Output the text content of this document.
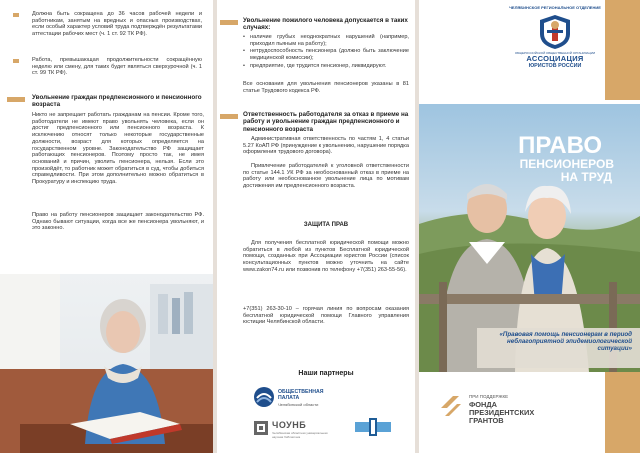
Должна быть сокращена до 36 часов рабочей недели и работникам, занятым на вредных и опасных производствах, если особый характер условий труда подтверждён результатами аттестации рабочих мест (ч. 1 ст. 92 ТК РФ).
Работа, превышающая продолжительности сокращённую неделю или смену, для таких будет являться сверхурочной (ч. 1 ст. 99 ТК РФ).
Увольнение граждан предпенсионного и пенсионного возраста
Никто не запрещает работать гражданам на пенсии. Кроме того, работодатели не имеют право увольнять человека, если он достиг предпенсионного или пенсионного возраста. К исключению относят только некоторые государственные должности, возраст для которых определяется на государственном уровне. Законодательство РФ защищает работающих пенсионеров. Поэтому просто так, не имея оснований и причин, уволить пенсионера, нельзя. Если это произойдёт, то работник может обратиться в суд, чтобы добиться справедливости. При этом дополнительно можно обратиться в Прокуратуру и инспекцию труда.
Право на работу пенсионеров защищает законодательство РФ. Однако бывают ситуации, когда все же пенсионера увольняют, и это законно.
Увольнение пожилого человека допускается в таких случаях:
• наличие грубых неоднократных нарушений (например, приходил пьяным на работу);
• нетрудоспособность пенсионера (должно быть заключение медицинской комиссии);
• предприятие, где трудится пенсионер, ликвидируют.
Все основания для увольнения пенсионеров указаны в 81 статье Трудового кодекса РФ.
Ответственность работодателя за отказ в приеме на работу и увольнение граждан предпенсионного и пенсионного возраста
Административная ответственность по частям 1, 4 статьи 5.27 КоАП РФ (принуждение к увольнению, нарушение порядка оформления трудового договора).
Привлечение работодателей к уголовной ответственности по статье 144.1 УК РФ за необоснованный отказ в приеме на работу или необоснованное увольнение лица по мотивам достижения им предпенсионного возраста.
ЗАЩИТА ПРАВ
Для получения бесплатной юридической помощи можно обратиться в любой из пунктов Бесплатной юридической помощи, созданных при Ассоциации юристов России (список консультационных пунктов можно уточнить на сайте www.zakon74.ru или позвонив по телефону +7(351) 263-55-56).
+7(351) 263-30-10 – горячая линия по вопросам оказания бесплатной юридической помощи Главного управления юстиции Челябинской области.
Наши партнеры
ОБЩЕСТВЕННАЯ ПАЛАТА
Челябинской области
ЧОУНБ
Челябинская областная универсальная научная библиотека
ЧЕЛЯБИНСКОЕ РЕГИОНАЛЬНОЕ ОТДЕЛЕНИЕ
ОБЩЕРОССИЙСКОЙ ОБЩЕСТВЕННОЙ ОРГАНИЗАЦИИ
АССОЦИАЦИЯ
ЮРИСТОВ РОССИИ
ПРАВО
ПЕНСИОНЕРОВ
НА ТРУД
«Правовая помощь пенсионерам в период неблагоприятной эпидемиологической ситуации»
ПРИ ПОДДЕРЖКЕ
ФОНДА
ПРЕЗИДЕНТСКИХ
ГРАНТОВ
